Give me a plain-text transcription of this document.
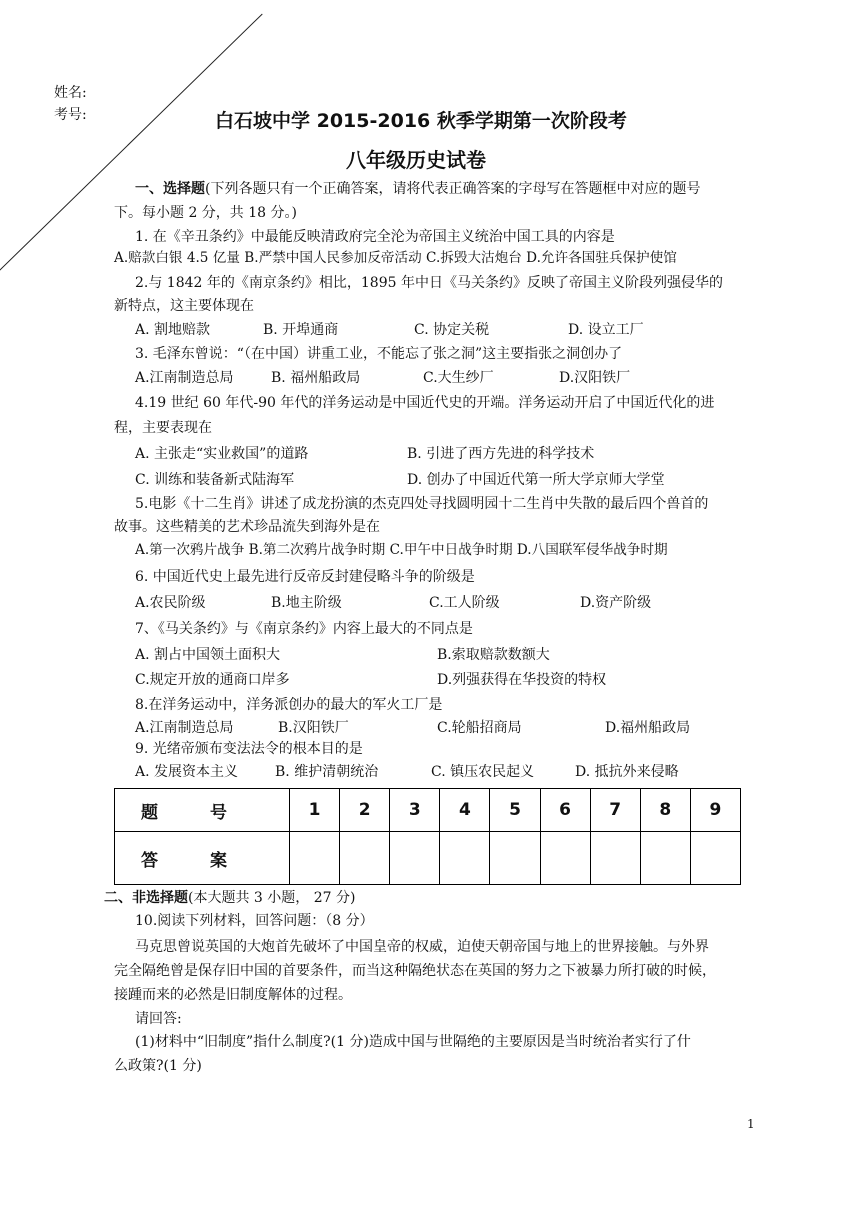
姓名:
考号:	白石坡中学 2015-2016 秋季学期第一次阶段考
八年级历史试卷
一、选择题(下列各题只有一个正确答案，请将代表正确答案的字母写在答题框中对应的题号
下。每小题 2 分，共 18 分。)
1. 在《辛丑条约》中最能反映清政府完全沦为帝国主义统治中国工具的内容是
A.赔款白银 4.5 亿量 B.严禁中国人民参加反帝活动 C.拆毁大沽炮台 D.允许各国驻兵保护使馆
2.与 1842 年的《南京条约》相比，1895 年中日《马关条约》反映了帝国主义阶段列强侵华的
新特点，这主要体现在
A. 割地赔款	B. 开埠通商	C. 协定关税	D. 设立工厂
3. 毛泽东曾说：“（在中国）讲重工业，不能忘了张之洞”这主要指张之洞创办了
A.江南制造总局	B. 福州船政局	C.大生纱厂	D.汉阳铁厂
4.19 世纪 60 年代-90 年代的洋务运动是中国近代史的开端。洋务运动开启了中国近代化的进
程，主要表现在
A. 主张走“实业救国”的道路	B. 引进了西方先进的科学技术
C. 训练和装备新式陆海军	D. 创办了中国近代第一所大学京师大学堂
5.电影《十二生肖》讲述了成龙扮演的杰克四处寻找圆明园十二生肖中失散的最后四个兽首的
故事。这些精美的艺术珍品流失到海外是在
A.第一次鸦片战争 B.第二次鸦片战争时期 C.甲午中日战争时期 D.八国联军侵华战争时期
6. 中国近代史上最先进行反帝反封建侵略斗争的阶级是
A.农民阶级	B.地主阶级	C.工人阶级	D.资产阶级
7、《马关条约》与《南京条约》内容上最大的不同点是
A. 割占中国领土面积大	B.索取赔款数额大
C.规定开放的通商口岸多	D.列强获得在华投资的特权
8.在洋务运动中，洋务派创办的最大的军火工厂是
A.江南制造总局	B.汉阳铁厂	C.轮船招商局	D.福州船政局
9. 光绪帝颁布变法法令的根本目的是
A. 发展资本主义	B. 维护清朝统治	C. 镇压农民起义	D. 抵抗外来侵略
题 号	1	2	3	4	5	6	7	8	9
答 案									
二、非选择题(本大题共 3 小题， 27 分)
10.阅读下列材料，回答问题：（8 分）
马克思曾说英国的大炮首先破坏了中国皇帝的权威，迫使天朝帝国与地上的世界接触。与外界
完全隔绝曾是保存旧中国的首要条件，而当这种隔绝状态在英国的努力之下被暴力所打破的时候，
接踵而来的必然是旧制度解体的过程。
请回答:
(1)材料中“旧制度”指什么制度?(1 分)造成中国与世隔绝的主要原因是当时统治者实行了什
么政策?(1 分)
1
